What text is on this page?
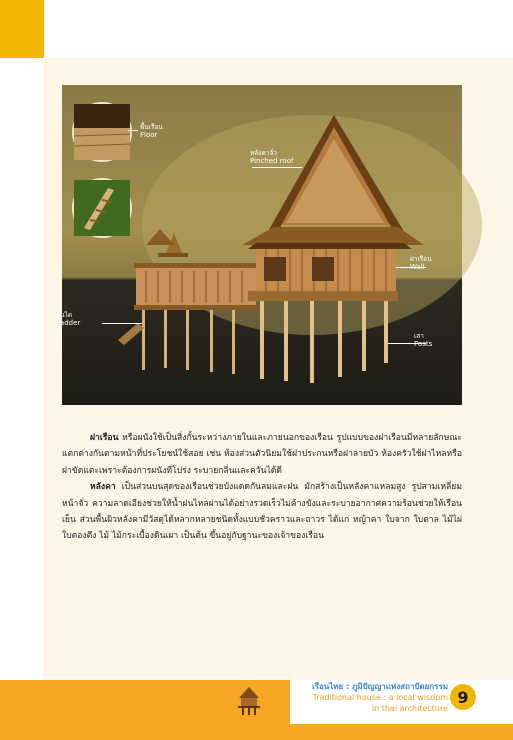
พื้นเรือน
Floor
หลังคาจั่ว
Pinched roof
ฝาเรือน
Wall
บันได
Ladder
เสา
Posts

ฝาเรือน หรือผนังใช้เป็นสิ่งกั้นระหว่างภายในและภายนอกของเรือน รูปแบบของฝาเรือนมีหลายลักษณะ แตกต่างกันตามหน้าที่ประโยชน์ใช้สอย เช่น ห้องส่วนตัวนิยมใช้ฝาประกนหรือฝาลายบัว ห้องครัวใช้ฝาไหลหรือฝาขัดแตะเพราะต้องการผนังที่โปร่ง ระบายกลิ่นและควันได้ดี

หลังคา เป็นส่วนบนสุดของเรือนช่วยบังแดดกันลมและฝน มักสร้างเป็นหลังคาแหลมสูง รูปสามเหลี่ยมหน้าจั่ว ความลาดเอียงช่วยให้น้ำฝนไหลผ่านได้อย่างรวดเร็วไม่ค้างขังและระบายอากาศความร้อนช่วยให้เรือนเย็น ส่วนพื้นผิวหลังคามีวัสดุได้หลากหลายชนิดทั้งแบบชั่วคราวและถาวร ได้แก่ หญ้าคา ใบจาก ใบตาล ไม้ไผ่ ใบตองตึง ไม้ ไม้กระเบื้องดินเผา เป็นต้น ขึ้นอยู่กับฐานะของเจ้าของเรือน

เรือนไทย : ภูมิปัญญาแห่งสถาปัตยกรรม
Traditional house : a local wisdom
in thai architecture
9
